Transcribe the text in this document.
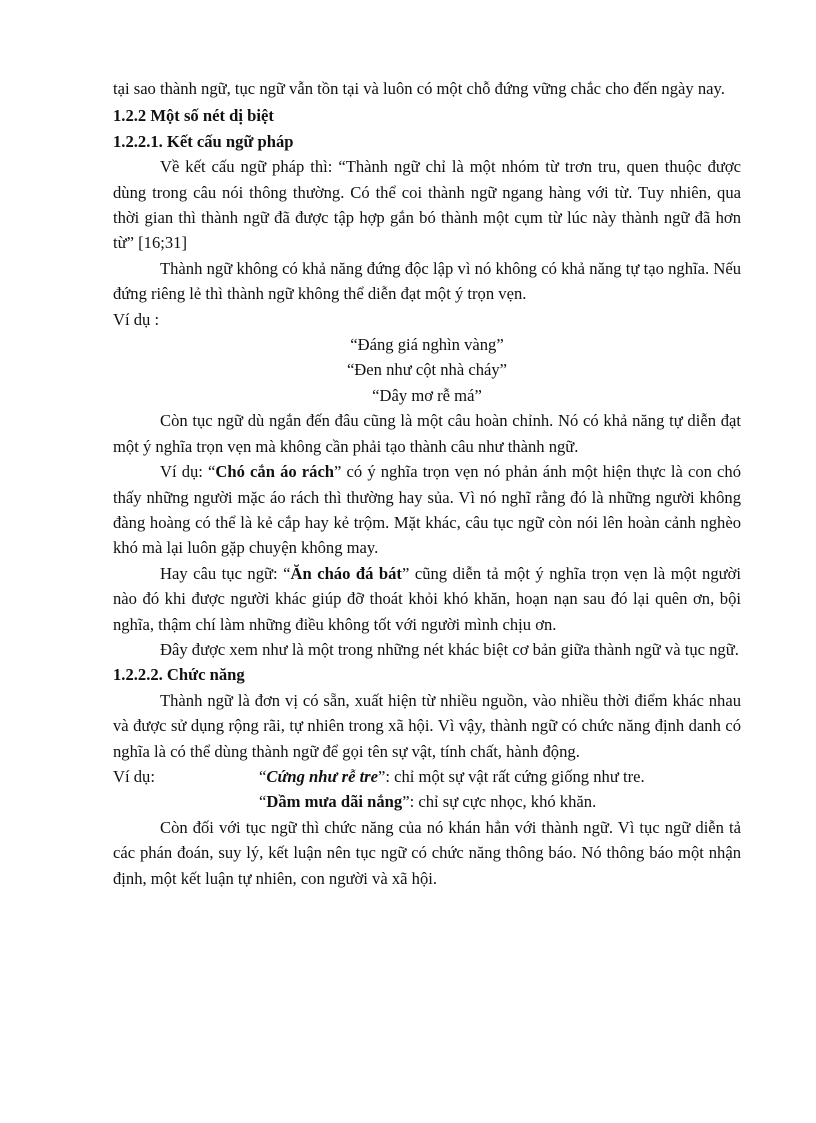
tại sao thành ngữ, tục ngữ vẫn tồn tại và luôn có một chỗ đứng vững chắc cho đến ngày nay.

1.2.2 Một số nét dị biệt

1.2.2.1. Kết cấu ngữ pháp

Về kết cấu ngữ pháp thì: “Thành ngữ chỉ là một nhóm từ trơn tru, quen thuộc được dùng trong câu nói thông thường. Có thể coi thành ngữ ngang hàng với từ. Tuy nhiên, qua thời gian thì thành ngữ đã được tập hợp gắn bó thành một cụm từ lúc này thành ngữ đã hơn từ” [16;31]

Thành ngữ không có khả năng đứng độc lập vì nó không có khả năng tự tạo nghĩa. Nếu đứng riêng lẻ thì thành ngữ không thể diễn đạt một ý trọn vẹn.

Ví dụ :

“Đáng giá nghìn vàng”

“Đen như cột nhà cháy”

“Dây mơ rễ má”

Còn tục ngữ dù ngắn đến đâu cũng là một câu hoàn chỉnh. Nó có khả năng tự diễn đạt một ý nghĩa trọn vẹn mà không cần phải tạo thành câu như thành ngữ.

Ví dụ: “Chó cắn áo rách” có ý nghĩa trọn vẹn nó phản ánh một hiện thực là con chó thấy những người mặc áo rách thì thường hay sủa. Vì nó nghĩ rằng đó là những người không đàng hoàng có thể là kẻ cắp hay kẻ trộm. Mặt khác, câu tục ngữ còn nói lên hoàn cảnh nghèo khó mà lại luôn gặp chuyện không may.

Hay câu tục ngữ: “Ăn cháo đá bát” cũng diễn tả một ý nghĩa trọn vẹn là một người nào đó khi được người khác giúp đỡ thoát khỏi khó khăn, hoạn nạn sau đó lại quên ơn, bội nghĩa, thậm chí làm những điều không tốt với người mình chịu ơn.

Đây được xem như là một trong những nét khác biệt cơ bản giữa thành ngữ và tục ngữ.

1.2.2.2. Chức năng

Thành ngữ là đơn vị có sẵn, xuất hiện từ nhiều nguồn, vào nhiều thời điểm khác nhau và được sử dụng rộng rãi, tự nhiên trong xã hội. Vì vậy, thành ngữ có chức năng định danh có nghĩa là có thể dùng thành ngữ để gọi tên sự vật, tính chất, hành động.

Ví dụ:	“Cứng như rễ tre”: chỉ một sự vật rất cứng giống như tre.

“Dầm mưa dãi nắng”: chỉ sự cực nhọc, khó khăn.

Còn đối với tục ngữ thì chức năng của nó khán hẳn với thành ngữ. Vì tục ngữ diễn tả các phán đoán, suy lý, kết luận nên tục ngữ có chức năng thông báo. Nó thông báo một nhận định, một kết luận tự nhiên, con người và xã hội.
